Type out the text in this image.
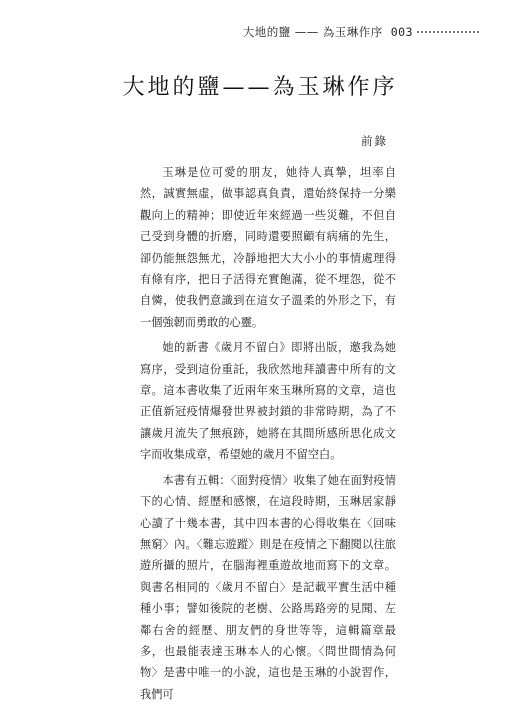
大地的鹽 —— 為玉琳作序 003
大地的鹽——為玉琳作序
前錄

玉琳是位可愛的朋友，她待人真摯，坦率自然，誠實無虛，做事認真負責，還始終保持一分樂觀向上的精神；即使近年來經過一些災難，不但自己受到身體的折磨，同時還要照顧有病痛的先生，卻仍能無怨無尤，冷靜地把大大小小的事情處理得有條有序，把日子活得充實飽滿，從不埋怨，從不自憐，使我們意識到在這女子溫柔的外形之下，有一個強韌而勇敢的心靈。

她的新書《歲月不留白》即將出版，邀我為她寫序，受到這份重託，我欣然地拜讀書中所有的文章。這本書收集了近兩年來玉琳所寫的文章，這也正值新冠疫情爆發世界被封鎖的非常時期，為了不讓歲月流失了無痕跡，她將在其間所感所思化成文字而收集成章，希望她的歲月不留空白。

本書有五輯：〈面對疫情〉收集了她在面對疫情下的心情、經歷和感懷，在這段時期，玉琳居家靜心讀了十幾本書，其中四本書的心得收集在〈回味無窮〉內。〈難忘遊蹤〉則是在疫情之下翻閱以往旅遊所攝的照片，在腦海裡重遊故地而寫下的文章。與書名相同的〈歲月不留白〉是記載平實生活中種種小事；譬如後院的老樹、公路馬路旁的見聞、左鄰右舍的經歷、朋友們的身世等等，這輯篇章最多，也最能表達玉琳本人的心懷。〈問世間情為何物〉是書中唯一的小說，這也是玉琳的小說習作，我們可
